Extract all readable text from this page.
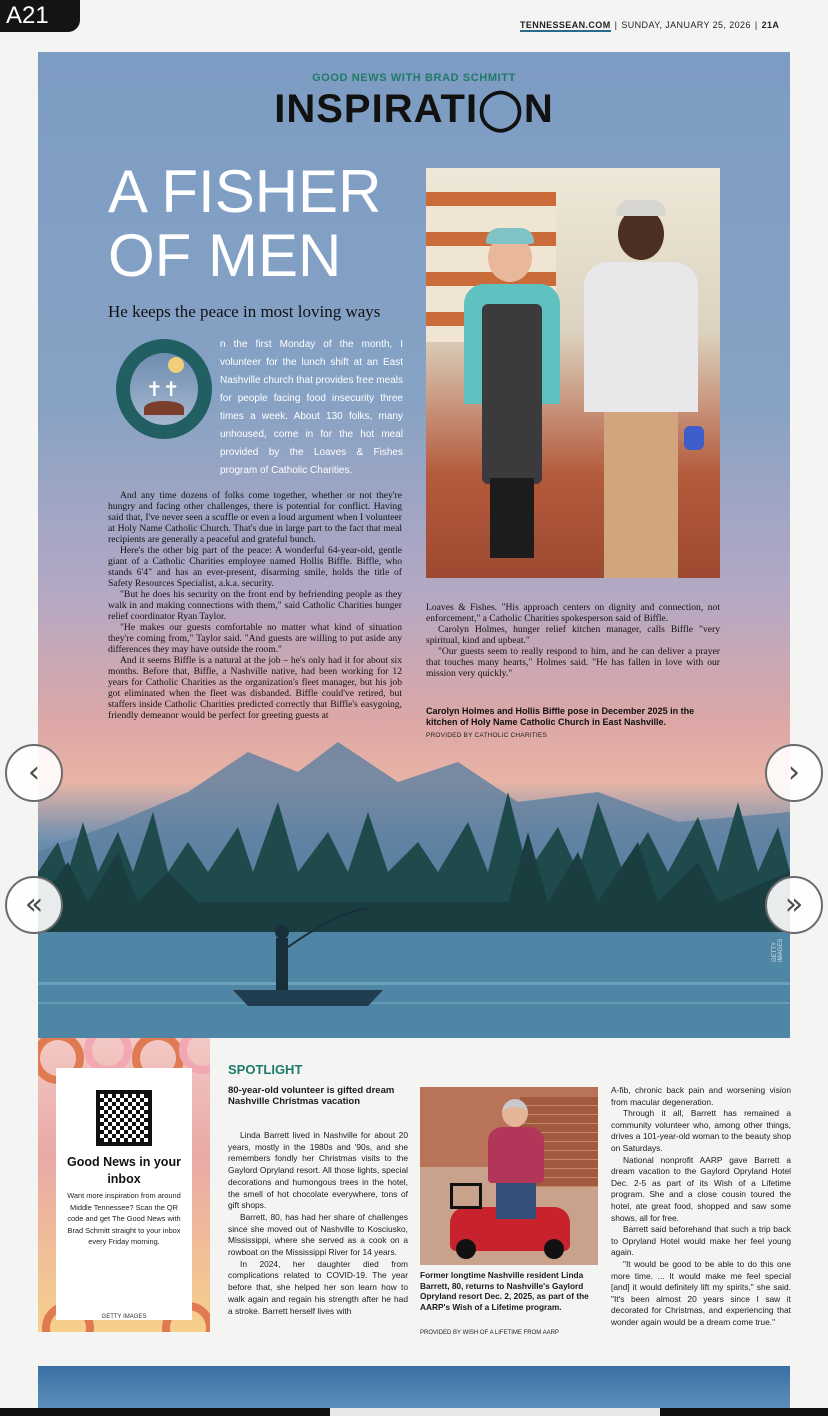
A21	TENNESSEAN.COM | SUNDAY, JANUARY 25, 2026 | 21A
GOOD NEWS WITH BRAD SCHMITT
INSPIRATI◯N
A FISHER OF MEN
He keeps the peace in most loving ways
✝✝
n the first Monday of the month, I volunteer for the lunch shift at an East Nashville church that provides free meals for people facing food insecurity three times a week. About 130 folks, many unhoused, come in for the hot meal provided by the Loaves & Fishes program of Catholic Charities.

And any time dozens of folks come together, whether or not they're hungry and facing other challenges, there is potential for conflict. Having said that, I've never seen a scuffle or even a loud argument when I volunteer at Holy Name Catholic Church. That's due in large part to the fact that meal recipients are generally a peaceful and grateful bunch.

Here's the other big part of the peace: A wonderful 64-year-old, gentle giant of a Catholic Charities employee named Hollis Biffle. Biffle, who stands 6'4" and has an ever-present, disarming smile, holds the title of Safety Resources Specialist, a.k.a. security.

"But he does his security on the front end by befriending people as they walk in and making connections with them," said Catholic Charities hunger relief coordinator Ryan Taylor.

"He makes our guests comfortable no matter what kind of situation they're coming from," Taylor said. "And guests are willing to put aside any differences they may have outside the room."

And it seems Biffle is a natural at the job – he's only had it for about six months. Before that, Biffle, a Nashville native, had been working for 12 years for Catholic Charities as the organization's fleet manager, but his job got eliminated when the fleet was disbanded. Biffle could've retired, but staffers inside Catholic Charities predicted correctly that Biffle's easygoing, friendly demeanor would be perfect for greeting guests at

Loaves & Fishes. "His approach centers on dignity and connection, not enforcement," a Catholic Charities spokesperson said of Biffle.

Carolyn Holmes, hunger relief kitchen manager, calls Biffle "very spiritual, kind and upbeat."

"Our guests seem to really respond to him, and he can deliver a prayer that touches many hearts," Holmes said. "He has fallen in love with our mission very quickly."

Carolyn Holmes and Hollis Biffle pose in December 2025 in the kitchen of Holy Name Catholic Church in East Nashville.
PROVIDED BY CATHOLIC CHARITIES
GETTY IMAGES
‹	›
«	»
Good News in your inbox
Want more inspiration from around Middle Tennessee? Scan the QR code and get The Good News with Brad Schmitt straight to your inbox every Friday morning.
GETTY IMAGES
SPOTLIGHT
80-year-old volunteer is gifted dream Nashville Christmas vacation

Linda Barrett lived in Nashville for about 20 years, mostly in the 1980s and '90s, and she remembers fondly her Christmas visits to the Gaylord Opryland resort. All those lights, special decorations and humongous trees in the hotel, the smell of hot chocolate everywhere, tons of gift shops.

Barrett, 80, has had her share of challenges since she moved out of Nashville to Kosciusko, Mississippi, where she served as a cook on a rowboat on the Mississippi River for 14 years.

In 2024, her daughter died from complications related to COVID-19. The year before that, she helped her son learn how to walk again and regain his strength after he had a stroke. Barrett herself lives with

Former longtime Nashville resident Linda Barrett, 80, returns to Nashville's Gaylord Opryland resort Dec. 2, 2025, as part of the AARP's Wish of a Lifetime program.
PROVIDED BY WISH OF A LIFETIME FROM AARP

A-fib, chronic back pain and worsening vision from macular degeneration.

Through it all, Barrett has remained a community volunteer who, among other things, drives a 101-year-old woman to the beauty shop on Saturdays.

National nonprofit AARP gave Barrett a dream vacation to the Gaylord Opryland Hotel Dec. 2-5 as part of its Wish of a Lifetime program. She and a close cousin toured the hotel, ate great food, shopped and saw some shows, all for free.

Barrett said beforehand that such a trip back to Opryland Hotel would make her feel young again.

"It would be good to be able to do this one more time. ... It would make me feel special [and] it would definitely lift my spirits," she said. "It's been almost 20 years since I saw it decorated for Christmas, and experiencing that wonder again would be a dream come true."
